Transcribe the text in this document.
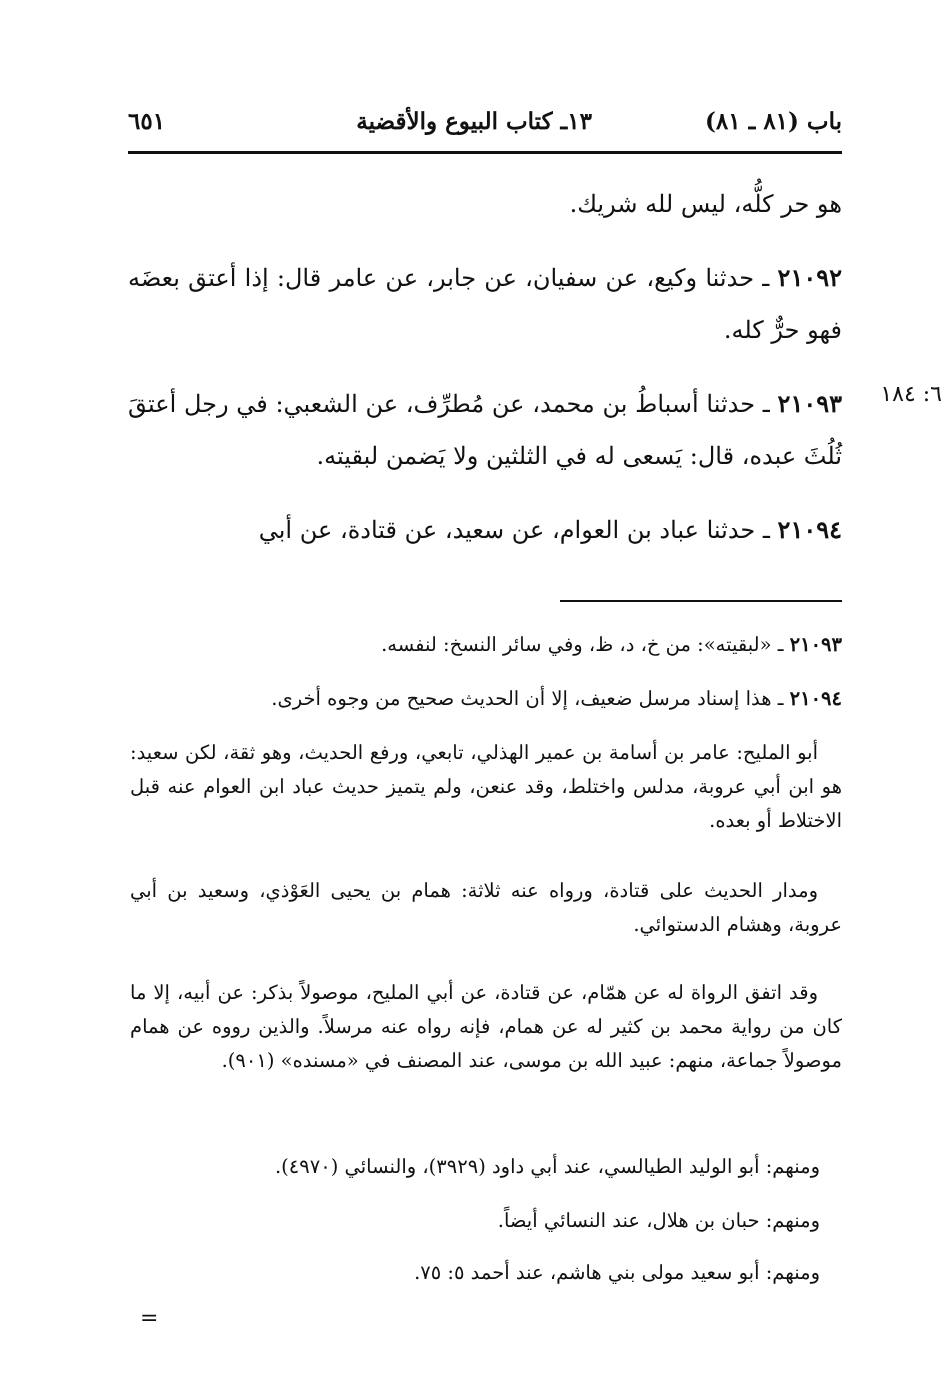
باب (٨١ ـ ٨١)
١٣ـ كتاب البيوع والأقضية
٦٥١
هو حر كلُّه، ليس لله شريك.
٢١٠٩٢ ـ حدثنا وكيع، عن سفيان، عن جابر، عن عامر قال: إذا أعتق بعضَه فهو حرٌّ كله.
٦: ١٨٤
٢١٠٩٣ ـ حدثنا أسباطُ بن محمد، عن مُطرِّف، عن الشعبي: في رجل أعتقَ ثُلُثَ عبده، قال: يَسعى له في الثلثين ولا يَضمن لبقيته.
٢١٠٩٤ ـ حدثنا عباد بن العوام، عن سعيد، عن قتادة، عن أبي
٢١٠٩٣ ـ «لبقيته»: من خ، د، ظ، وفي سائر النسخ: لنفسه.
٢١٠٩٤ ـ هذا إسناد مرسل ضعيف، إلا أن الحديث صحيح من وجوه أخرى.
أبو المليح: عامر بن أسامة بن عمير الهذلي، تابعي، ورفع الحديث، وهو ثقة، لكن سعيد: هو ابن أبي عروبة، مدلس واختلط، وقد عنعن، ولم يتميز حديث عباد ابن العوام عنه قبل الاختلاط أو بعده.
ومدار الحديث على قتادة، ورواه عنه ثلاثة: همام بن يحيى العَوْذي، وسعيد بن أبي عروبة، وهشام الدستوائي.
وقد اتفق الرواة له عن همّام، عن قتادة، عن أبي المليح، موصولاً بذكر: عن أبيه، إلا ما كان من رواية محمد بن كثير له عن همام، فإنه رواه عنه مرسلاً. والذين رووه عن همام موصولاً جماعة، منهم: عبيد الله بن موسى، عند المصنف في «مسنده» (٩٠١).
ومنهم: أبو الوليد الطيالسي، عند أبي داود (٣٩٢٩)، والنسائي (٤٩٧٠).
ومنهم: حبان بن هلال، عند النسائي أيضاً.
ومنهم: أبو سعيد مولى بني هاشم، عند أحمد ٥: ٧٥.
=
